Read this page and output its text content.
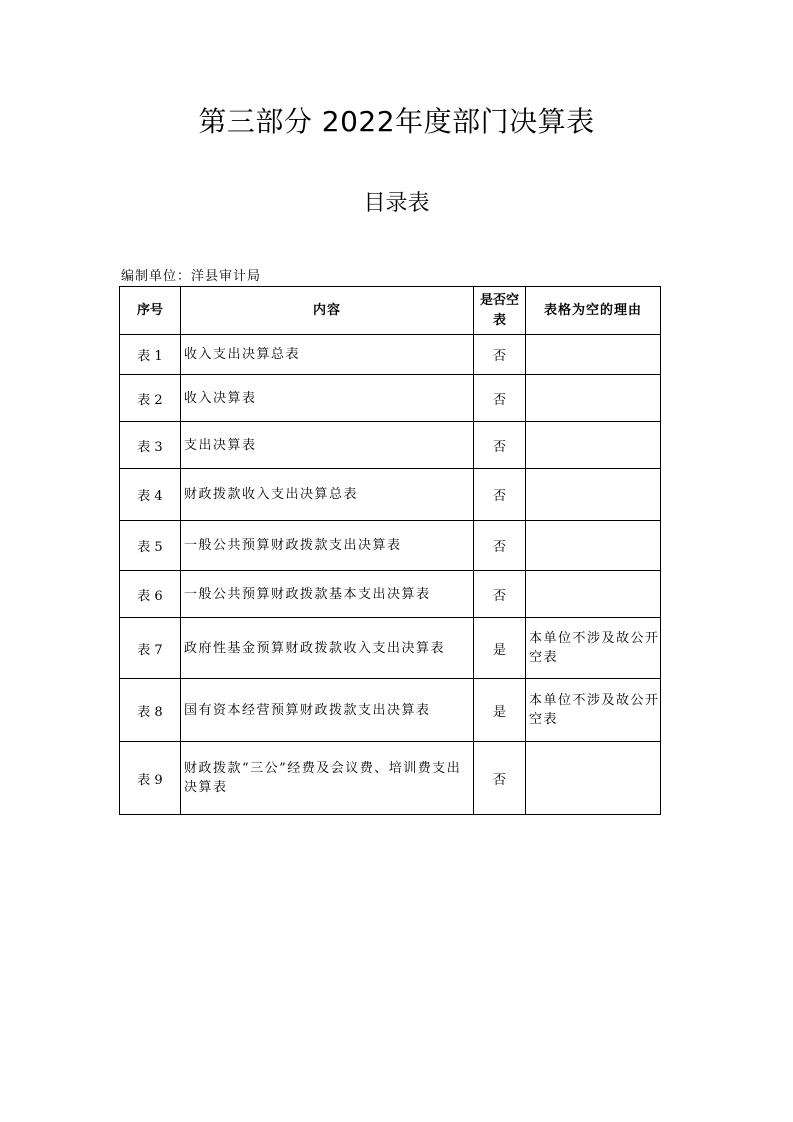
第三部分 2022年度部门决算表
目录表
编制单位：洋县审计局
序号	内容	是否空表	表格为空的理由
表 1	收入支出决算总表	否	
表 2	收入决算表	否	
表 3	支出决算表	否	
表 4	财政拨款收入支出决算总表	否	
表 5	一般公共预算财政拨款支出决算表	否	
表 6	一般公共预算财政拨款基本支出决算表	否	
表 7	政府性基金预算财政拨款收入支出决算表	是	本单位不涉及故公开空表
表 8	国有资本经营预算财政拨款支出决算表	是	本单位不涉及故公开空表
表 9	财政拨款“三公”经费及会议费、培训费支出决算表	否	
